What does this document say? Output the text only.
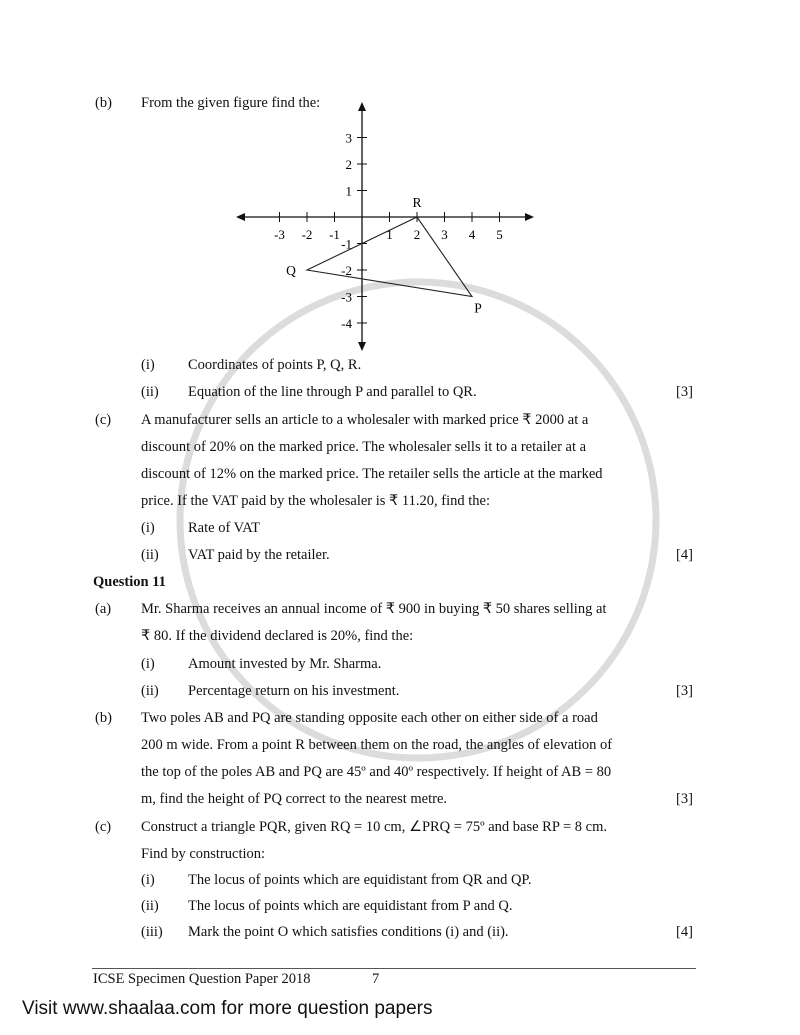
(b) From the given figure find the:
-3 -2 -1	1 2 3 4 5
3
2
1
-1
-2
-3
-4
P
Q
R
(i) Coordinates of points P, Q, R.
(ii) Equation of the line through P and parallel to QR.	[3]
(c) A manufacturer sells an article to a wholesaler with marked price ₹ 2000 at a
discount of 20% on the marked price. The wholesaler sells it to a retailer at a
discount of 12% on the marked price. The retailer sells the article at the marked
price. If the VAT paid by the wholesaler is ₹ 11.20, find the:
(i) Rate of VAT
(ii) VAT paid by the retailer.	[4]
Question 11
(a) Mr. Sharma receives an annual income of ₹ 900 in buying ₹ 50 shares selling at
₹ 80. If the dividend declared is 20%, find the:
(i) Amount invested by Mr. Sharma.
(ii) Percentage return on his investment.	[3]
(b) Two poles AB and PQ are standing opposite each other on either side of a road
200 m wide. From a point R between them on the road, the angles of elevation of
the top of the poles AB and PQ are 45º and 40º respectively. If height of AB = 80
m, find the height of PQ correct to the nearest metre.	[3]
(c) Construct a triangle PQR, given RQ = 10 cm, ∠PRQ = 75º and base RP = 8 cm.
Find by construction:
(i) The locus of points which are equidistant from QR and QP.
(ii) The locus of points which are equidistant from P and Q.
(iii) Mark the point O which satisfies conditions (i) and (ii).	[4]
ICSE Specimen Question Paper 2018	7
Visit www.shaalaa.com for more question papers
